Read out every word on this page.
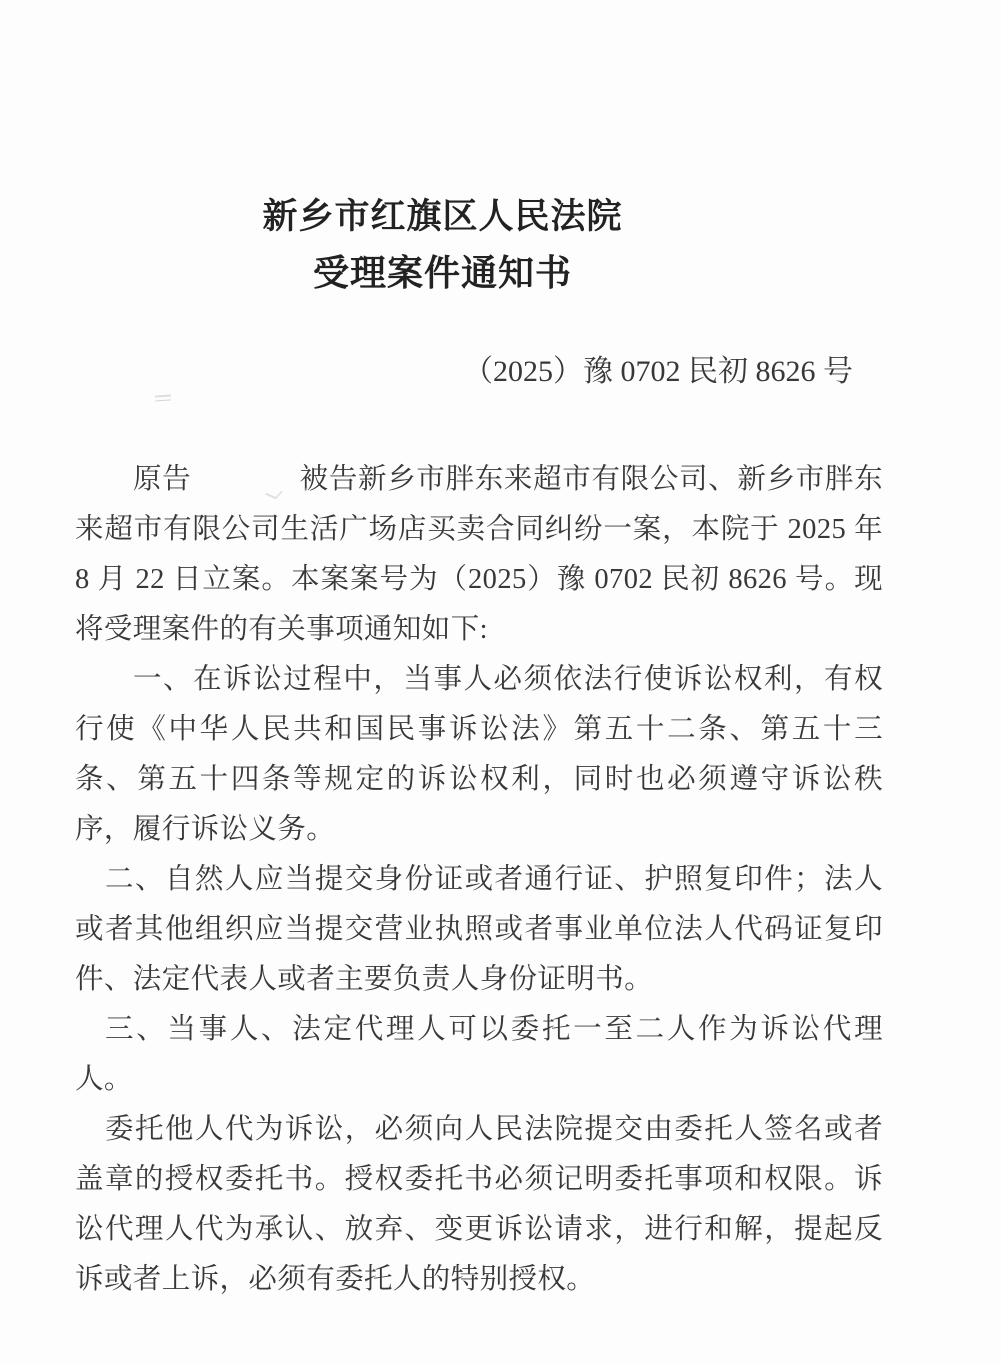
新乡市红旗区人民法院
受理案件通知书
（2025）豫 0702 民初 8626 号

原告	被告新乡市胖东来超市有限公司、新乡市胖东来超市有限公司生活广场店买卖合同纠纷一案，本院于 2025 年 8 月 22 日立案。本案案号为（2025）豫 0702 民初 8626 号。现将受理案件的有关事项通知如下:

一、在诉讼过程中，当事人必须依法行使诉讼权利，有权行使《中华人民共和国民事诉讼法》第五十二条、第五十三条、第五十四条等规定的诉讼权利，同时也必须遵守诉讼秩序，履行诉讼义务。

二、自然人应当提交身份证或者通行证、护照复印件；法人或者其他组织应当提交营业执照或者事业单位法人代码证复印件、法定代表人或者主要负责人身份证明书。

三、当事人、法定代理人可以委托一至二人作为诉讼代理人。

委托他人代为诉讼，必须向人民法院提交由委托人签名或者盖章的授权委托书。授权委托书必须记明委托事项和权限。诉讼代理人代为承认、放弃、变更诉讼请求，进行和解，提起反诉或者上诉，必须有委托人的特别授权。
